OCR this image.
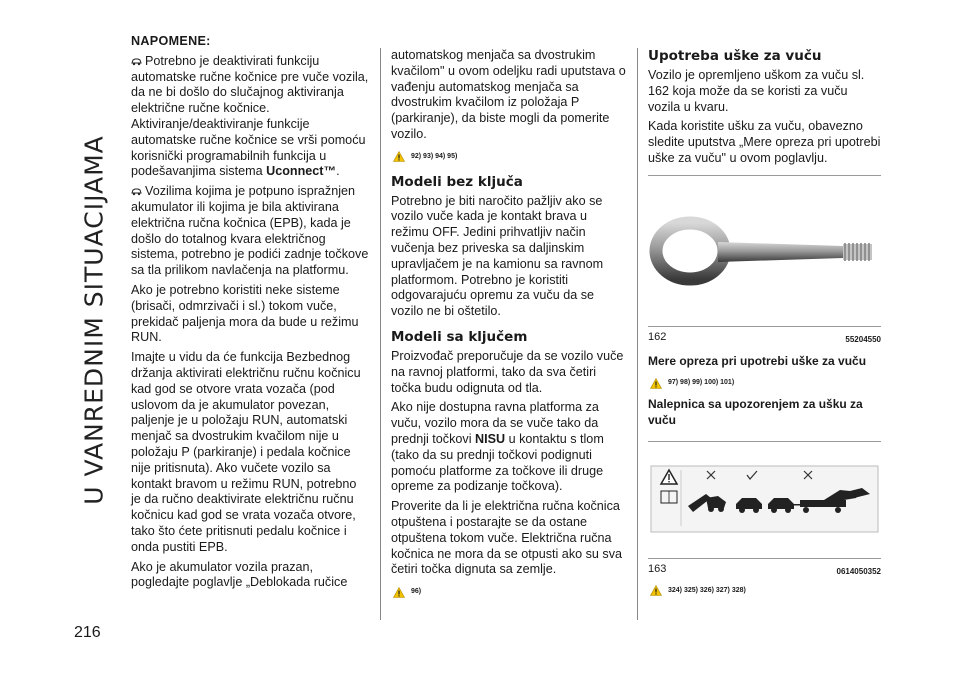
U VANREDNIM SITUACIJAMA
216

NAPOMENE:

Potrebno je deaktivirati funkciju automatske ručne kočnice pre vuče vozila, da ne bi došlo do slučajnog aktiviranja električne ručne kočnice. Aktiviranje/deaktiviranje funkcije automatske ručne kočnice se vrši pomoću korisnički programabilnih funkcija u podešavanjima sistema Uconnect™.

Vozilima kojima je potpuno ispražnjen akumulator ili kojima je bila aktivirana električna ručna kočnica (EPB), kada je došlo do totalnog kvara električnog sistema, potrebno je podići zadnje točkove sa tla prilikom navlačenja na platformu.

Ako je potrebno koristiti neke sisteme (brisači, odmrzivači i sl.) tokom vuče, prekidač paljenja mora da bude u režimu RUN.

Imajte u vidu da će funkcija Bezbednog držanja aktivirati električnu ručnu kočnicu kad god se otvore vrata vozača (pod uslovom da je akumulator povezan, paljenje je u položaju RUN, automatski menjač sa dvostrukim kvačilom nije u položaju P (parkiranje) i pedala kočnice nije pritisnuta). Ako vučete vozilo sa kontakt bravom u režimu RUN, potrebno je da ručno deaktivirate električnu ručnu kočnicu kad god se vrata vozača otvore, tako što ćete pritisnuti pedalu kočnice i onda pustiti EPB.

Ako je akumulator vozila prazan, pogledajte poglavlje „Deblokada ručice

automatskog menjača sa dvostrukim kvačilom" u ovom odeljku radi uputstava o vađenju automatskog menjača sa dvostrukim kvačilom iz položaja P (parkiranje), da biste mogli da pomerite vozilo.

92) 93) 94) 95)
Modeli bez ključa

Potrebno je biti naročito pažljiv ako se vozilo vuče kada je kontakt brava u režimu OFF. Jedini prihvatljiv način vučenja bez priveska sa daljinskim upravljačem je na kamionu sa ravnom platformom. Potrebno je koristiti odgovarajuću opremu za vuču da se vozilo ne bi oštetilo.

Modeli sa ključem

Proizvođač preporučuje da se vozilo vuče na ravnoj platformi, tako da sva četiri točka budu odignuta od tla.

Ako nije dostupna ravna platforma za vuču, vozilo mora da se vuče tako da prednji točkovi NISU u kontaktu s tlom (tako da su prednji točkovi podignuti pomoću platforme za točkove ili druge opreme za podizanje točkova).

Proverite da li je električna ručna kočnica otpuštena i postarajte se da ostane otpuštena tokom vuče. Električna ručna kočnica ne mora da se otpusti ako su sva četiri točka dignuta sa zemlje.

96)
Upotreba uške za vuču

Vozilo je opremljeno uškom za vuču sl. 162 koja može da se koristi za vuču vozila u kvaru.

Kada koristite ušku za vuču, obavezno sledite uputstva „Mere opreza pri upotrebi uške za vuču" u ovom poglavlju.

162	55204550

Mere opreza pri upotrebi uške za vuču

97) 98) 99) 100) 101)

Nalepnica sa upozorenjem za ušku za vuču

163	0614050352
324) 325) 326) 327) 328)
